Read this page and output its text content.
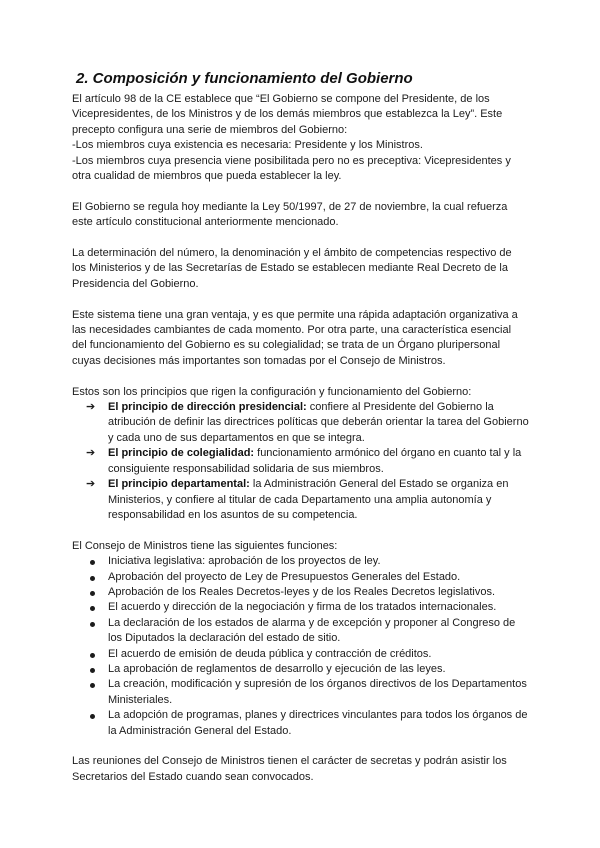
2. Composición y funcionamiento del Gobierno

El artículo 98 de la CE establece que “El Gobierno se compone del Presidente, de los
Vicepresidentes, de los Ministros y de los demás miembros que establezca la Ley”. Este
precepto configura una serie de miembros del Gobierno:
-Los miembros cuya existencia es necesaria: Presidente y los Ministros.
-Los miembros cuya presencia viene posibilitada pero no es preceptiva: Vicepresidentes y
otra cualidad de miembros que pueda establecer la ley.

El Gobierno se regula hoy mediante la Ley 50/1997, de 27 de noviembre, la cual refuerza
este artículo constitucional anteriormente mencionado.

La determinación del número, la denominación y el ámbito de competencias respectivo de
los Ministerios y de las Secretarías de Estado se establecen mediante Real Decreto de la
Presidencia del Gobierno.

Este sistema tiene una gran ventaja, y es que permite una rápida adaptación organizativa a
las necesidades cambiantes de cada momento. Por otra parte, una característica esencial
del funcionamiento del Gobierno es su colegialidad; se trata de un Órgano pluripersonal
cuyas decisiones más importantes son tomadas por el Consejo de Ministros.

Estos son los principios que rigen la configuración y funcionamiento del Gobierno:
➔ El principio de dirección presidencial: confiere al Presidente del Gobierno la atribución de definir las directrices políticas que deberán orientar la tarea del Gobierno y cada uno de sus departamentos en que se integra.
➔ El principio de colegialidad: funcionamiento armónico del órgano en cuanto tal y la consiguiente responsabilidad solidaria de sus miembros.
➔ El principio departamental: la Administración General del Estado se organiza en Ministerios, y confiere al titular de cada Departamento una amplia autonomía y responsabilidad en los asuntos de su competencia.
El Consejo de Ministros tiene las siguientes funciones:
Iniciativa legislativa: aprobación de los proyectos de ley.
Aprobación del proyecto de Ley de Presupuestos Generales del Estado.
Aprobación de los Reales Decretos-leyes y de los Reales Decretos legislativos.
El acuerdo y dirección de la negociación y firma de los tratados internacionales.
La declaración de los estados de alarma y de excepción y proponer al Congreso de los Diputados la declaración del estado de sitio.
El acuerdo de emisión de deuda pública y contracción de créditos.
La aprobación de reglamentos de desarrollo y ejecución de las leyes.
La creación, modificación y supresión de los órganos directivos de los Departamentos Ministeriales.
La adopción de programas, planes y directrices vinculantes para todos los órganos de la Administración General del Estado.

Las reuniones del Consejo de Ministros tienen el carácter de secretas y podrán asistir los
Secretarios del Estado cuando sean convocados.
